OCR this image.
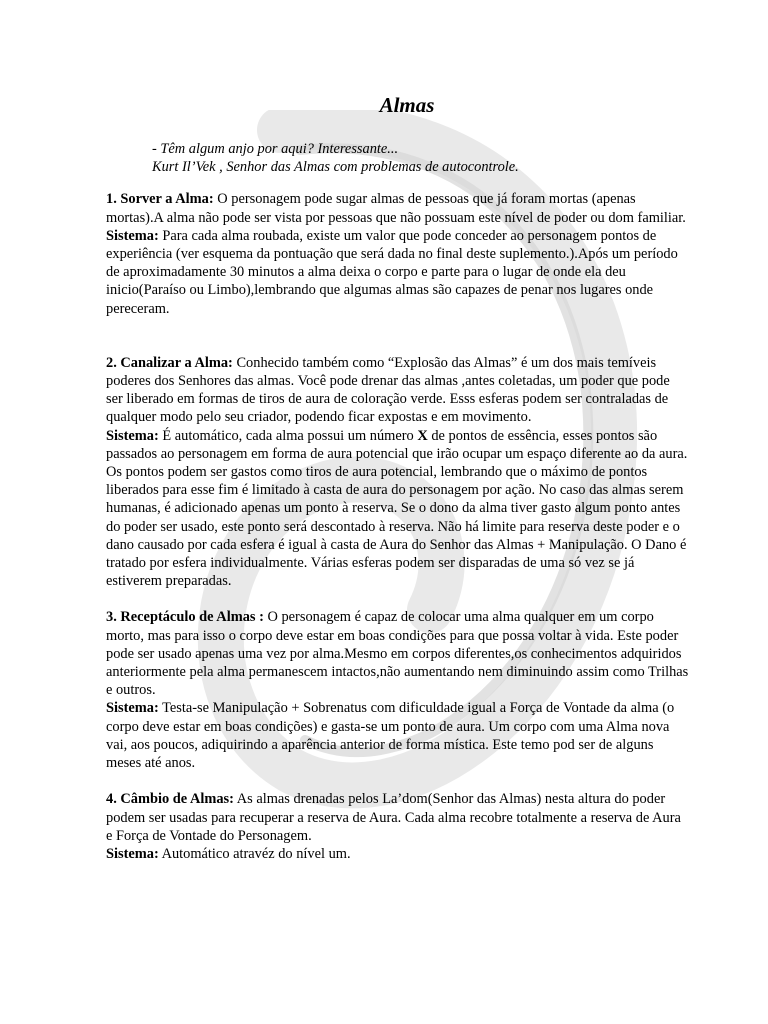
Almas
- Têm algum anjo por aqui? Interessante...
Kurt Il’Vek , Senhor das Almas com problemas de autocontrole.

1. Sorver a Alma: O personagem pode sugar almas de pessoas que já foram mortas (apenas mortas).A alma não pode ser vista por pessoas que não possuam este nível de poder ou dom familiar.

Sistema: Para cada alma roubada, existe um valor que pode conceder ao personagem pontos de experiência (ver esquema da pontuação que será dada no final deste suplemento.).Após um período de aproximadamente 30 minutos a alma deixa o corpo e parte para o lugar de onde ela deu inicio(Paraíso ou Limbo),lembrando que algumas almas são capazes de penar nos lugares onde pereceram.

2. Canalizar a Alma: Conhecido também como “Explosão das Almas” é um dos mais temíveis poderes dos Senhores das almas. Você pode drenar das almas ,antes coletadas, um poder que pode ser liberado em formas de tiros de aura de coloração verde. Esss esferas podem ser contraladas de qualquer modo pelo seu criador, podendo ficar expostas e em movimento.

Sistema: É automático, cada alma possui um número X de pontos de essência, esses pontos são passados ao personagem em forma de aura potencial que irão ocupar um espaço diferente ao da aura. Os pontos podem ser gastos como tiros de aura potencial, lembrando que o máximo de pontos liberados para esse fim é limitado à casta de aura do personagem por ação. No caso das almas serem humanas, é adicionado apenas um ponto à reserva. Se o dono da alma tiver gasto algum ponto antes do poder ser usado, este ponto será descontado à reserva. Não há limite para reserva deste poder e o dano causado por cada esfera é igual à casta de Aura do Senhor das Almas + Manipulação. O Dano é tratado por esfera individualmente. Várias esferas podem ser disparadas de uma só vez se já estiverem preparadas.

3. Receptáculo de Almas : O personagem é capaz de colocar uma alma qualquer em um corpo morto, mas para isso o corpo deve estar em boas condições para que possa voltar à vida. Este poder pode ser usado apenas uma vez por alma.Mesmo em corpos diferentes,os conhecimentos adquiridos anteriormente pela alma permanescem intactos,não aumentando nem diminuindo assim como Trilhas e outros.

Sistema: Testa-se Manipulação + Sobrenatus com dificuldade igual a Força de Vontade da alma (o corpo deve estar em boas condições) e gasta-se um ponto de aura. Um corpo com uma Alma nova vai, aos poucos, adiquirindo a aparência anterior de forma mística. Este temo pod ser de alguns meses até anos.

4. Câmbio de Almas: As almas drenadas pelos La’dom(Senhor das Almas) nesta altura do poder podem ser usadas para recuperar a reserva de Aura. Cada alma recobre totalmente a reserva de Aura e Força de Vontade do Personagem.

Sistema: Automático atravéz do nível um.
